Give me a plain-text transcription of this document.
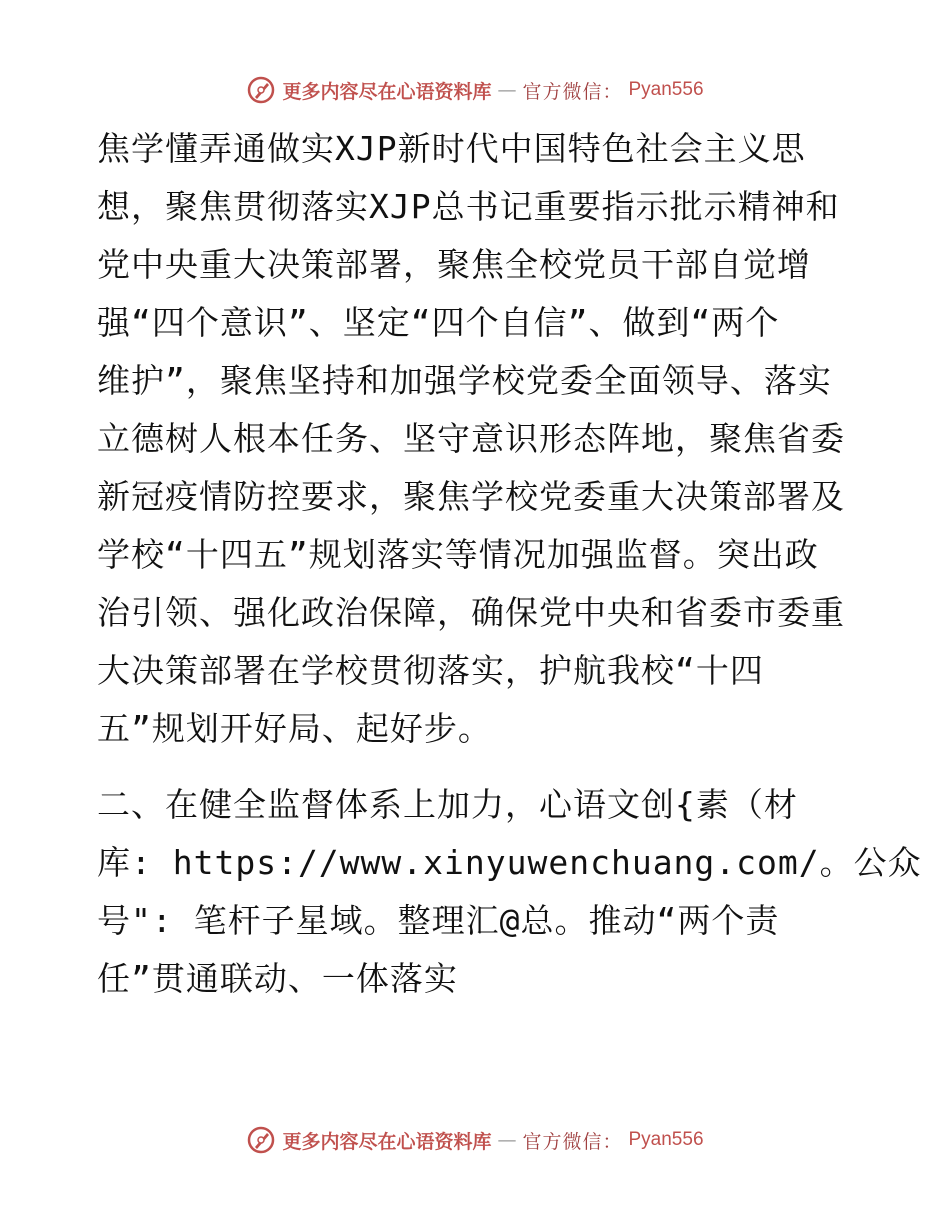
更多内容尽在心语资料库 — 官方微信： Pyan556
焦学懂弄通做实XJP新时代中国特色社会主义思
想，聚焦贯彻落实XJP总书记重要指示批示精神和
党中央重大决策部署，聚焦全校党员干部自觉增
强“四个意识”、坚定“四个自信”、做到“两个
维护”，聚焦坚持和加强学校党委全面领导、落实
立德树人根本任务、坚守意识形态阵地，聚焦省委
新冠疫情防控要求，聚焦学校党委重大决策部署及
学校“十四五”规划落实等情况加强监督。突出政
治引领、强化政治保障，确保党中央和省委市委重
大决策部署在学校贯彻落实，护航我校“十四
五”规划开好局、起好步。
二、在健全监督体系上加力，心语文创{素（材
库: https://www.xinyuwenchuang.com/。公众
号": 笔杆子星域。整理汇@总。推动“两个责
任”贯通联动、一体落实
更多内容尽在心语资料库 — 官方微信： Pyan556
